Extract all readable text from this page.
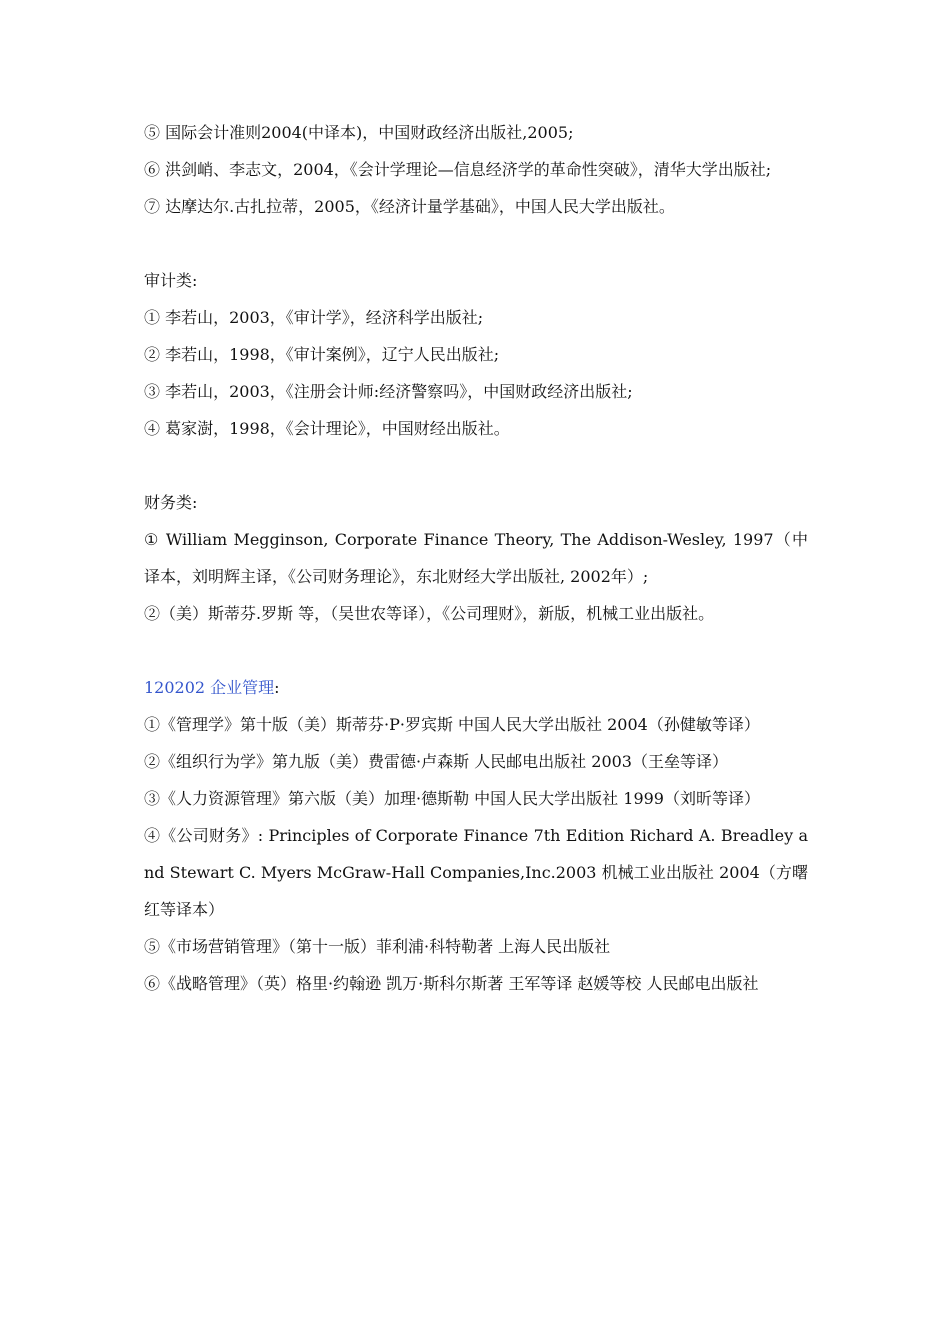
⑤ 国际会计准则2004(中译本)，中国财政经济出版社,2005;

⑥ 洪剑峭、李志文，2004，《会计学理论—信息经济学的革命性突破》，清华大学出版社;

⑦ 达摩达尔.古扎拉蒂，2005，《经济计量学基础》，中国人民大学出版社。

审计类:

① 李若山，2003，《审计学》，经济科学出版社;

② 李若山，1998，《审计案例》，辽宁人民出版社;

③ 李若山，2003，《注册会计师:经济警察吗》，中国财政经济出版社;

④ 葛家澍，1998，《会计理论》，中国财经出版社。

财务类:

① William Megginson, Corporate Finance Theory, The Addison-Wesley, 1997（中译本，刘明辉主译，《公司财务理论》，东北财经大学出版社, 2002年）;

②（美）斯蒂芬.罗斯 等，（吴世农等译），《公司理财》，新版，机械工业出版社。

120202 企业管理:

①《管理学》第十版（美）斯蒂芬·P·罗宾斯 中国人民大学出版社 2004（孙健敏等译）

②《组织行为学》第九版（美）费雷德·卢森斯 人民邮电出版社 2003（王垒等译）

③《人力资源管理》第六版（美）加理·德斯勒 中国人民大学出版社 1999（刘昕等译）

④《公司财务》: Principles of Corporate Finance 7th Edition Richard A. Breadley and Stewart C. Myers McGraw-Hall Companies,Inc.2003 机械工业出版社 2004（方曙红等译本）

⑤《市场营销管理》（第十一版）菲利浦·科特勒著 上海人民出版社

⑥《战略管理》（英）格里·约翰逊 凯万·斯科尔斯著 王军等译 赵媛等校 人民邮电出版社
